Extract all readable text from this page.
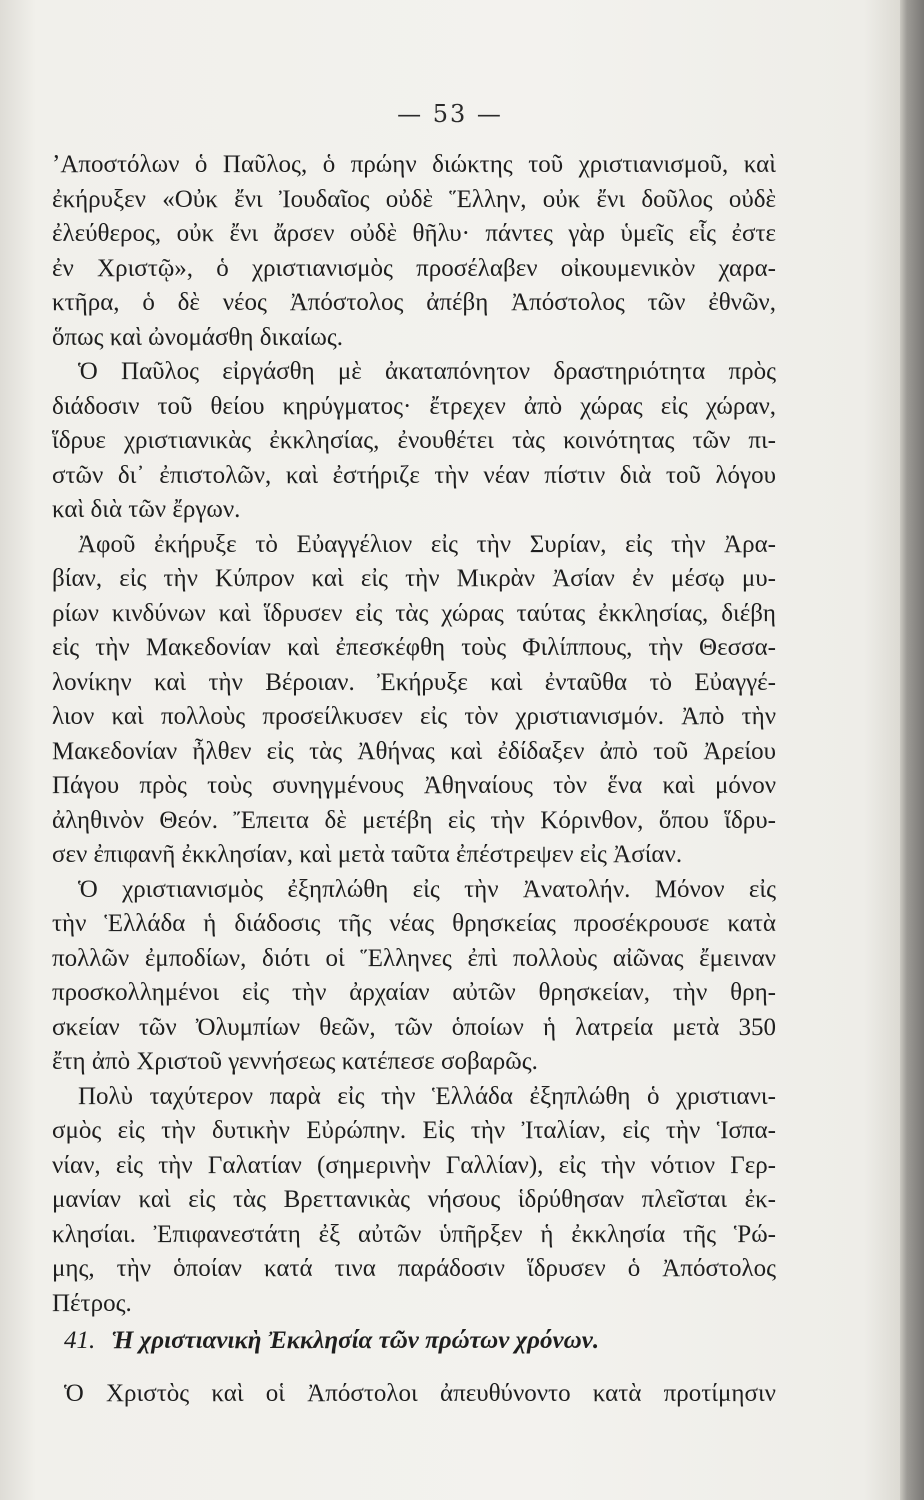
— 53 —
ʼΑποστόλων ὁ Παῦλος, ὁ πρώην διώκτης τοῦ χριστιανισμοῦ, καὶ
ἐκήρυξεν «Οὐκ ἔνι Ἰουδαῖος οὐδὲ Ἕλλην, οὐκ ἔνι δοῦλος οὐδὲ
ἐλεύθερος, οὐκ ἔνι ἄρσεν οὐδὲ θῆλυ· πάντες γὰρ ὑμεῖς εἷς ἐστε
ἐν Χριστῷ», ὁ χριστιανισμὸς προσέλαβεν οἰκουμενικὸν χαρα-
κτῆρα, ὁ δὲ νέος Ἀπόστολος ἀπέβη Ἀπόστολος τῶν ἐθνῶν,
ὅπως καὶ ὠνομάσθη δικαίως.
Ὁ Παῦλος εἰργάσθη μὲ ἀκαταπόνητον δραστηριότητα πρὸς
διάδοσιν τοῦ θείου κηρύγματος· ἔτρεχεν ἀπὸ χώρας εἰς χώραν,
ἵδρυε χριστιανικὰς ἐκκλησίας, ἐνουθέτει τὰς κοινότητας τῶν πι-
στῶν δι᾽ ἐπιστολῶν, καὶ ἐστήριζε τὴν νέαν πίστιν διὰ τοῦ λόγου
καὶ διὰ τῶν ἔργων.
Ἀφοῦ ἐκήρυξε τὸ Εὐαγγέλιον εἰς τὴν Συρίαν, εἰς τὴν Ἀρα-
βίαν, εἰς τὴν Κύπρον καὶ εἰς τὴν Μικρὰν Ἀσίαν ἐν μέσῳ μυ-
ρίων κινδύνων καὶ ἵδρυσεν εἰς τὰς χώρας ταύτας ἐκκλησίας, διέβη
εἰς τὴν Μακεδονίαν καὶ ἐπεσκέφθη τοὺς Φιλίππους, τὴν Θεσσα-
λονίκην καὶ τὴν Βέροιαν. Ἐκήρυξε καὶ ἐνταῦθα τὸ Εὐαγγέ-
λιον καὶ πολλοὺς προσείλκυσεν εἰς τὸν χριστιανισμόν. Ἀπὸ τὴν
Μακεδονίαν ἦλθεν εἰς τὰς Ἀθήνας καὶ ἐδίδαξεν ἀπὸ τοῦ Ἀρείου
Πάγου πρὸς τοὺς συνηγμένους Ἀθηναίους τὸν ἕνα καὶ μόνον
ἀληθινὸν Θεόν. Ἔπειτα δὲ μετέβη εἰς τὴν Κόρινθον, ὅπου ἵδρυ-
σεν ἐπιφανῆ ἐκκλησίαν, καὶ μετὰ ταῦτα ἐπέστρεψεν εἰς Ἀσίαν.
Ὁ χριστιανισμὸς ἐξηπλώθη εἰς τὴν Ἀνατολήν. Μόνον εἰς
τὴν Ἑλλάδα ἡ διάδοσις τῆς νέας θρησκείας προσέκρουσε κατὰ
πολλῶν ἐμποδίων, διότι οἱ Ἕλληνες ἐπὶ πολλοὺς αἰῶνας ἔμειναν
προσκολλημένοι εἰς τὴν ἀρχαίαν αὐτῶν θρησκείαν, τὴν θρη-
σκείαν τῶν Ὀλυμπίων θεῶν, τῶν ὁποίων ἡ λατρεία μετὰ 350
ἔτη ἀπὸ Χριστοῦ γεννήσεως κατέπεσε σοβαρῶς.
Πολὺ ταχύτερον παρὰ εἰς τὴν Ἑλλάδα ἐξηπλώθη ὁ χριστιανι-
σμὸς εἰς τὴν δυτικὴν Εὐρώπην. Εἰς τὴν Ἰταλίαν, εἰς τὴν Ἱσπα-
νίαν, εἰς τὴν Γαλατίαν (σημερινὴν Γαλλίαν), εἰς τὴν νότιον Γερ-
μανίαν καὶ εἰς τὰς Βρεττανικὰς νήσους ἱδρύθησαν πλεῖσται ἐκ-
κλησίαι. Ἐπιφανεστάτη ἐξ αὐτῶν ὑπῆρξεν ἡ ἐκκλησία τῆς Ῥώ-
μης, τὴν ὁποίαν κατά τινα παράδοσιν ἵδρυσεν ὁ Ἀπόστολος
Πέτρος.
41. Ἡ χριστιανικὴ Ἐκκλησία τῶν πρώτων χρόνων.
Ὁ Χριστὸς καὶ οἱ Ἀπόστολοι ἀπευθύνοντο κατὰ προτίμησιν
